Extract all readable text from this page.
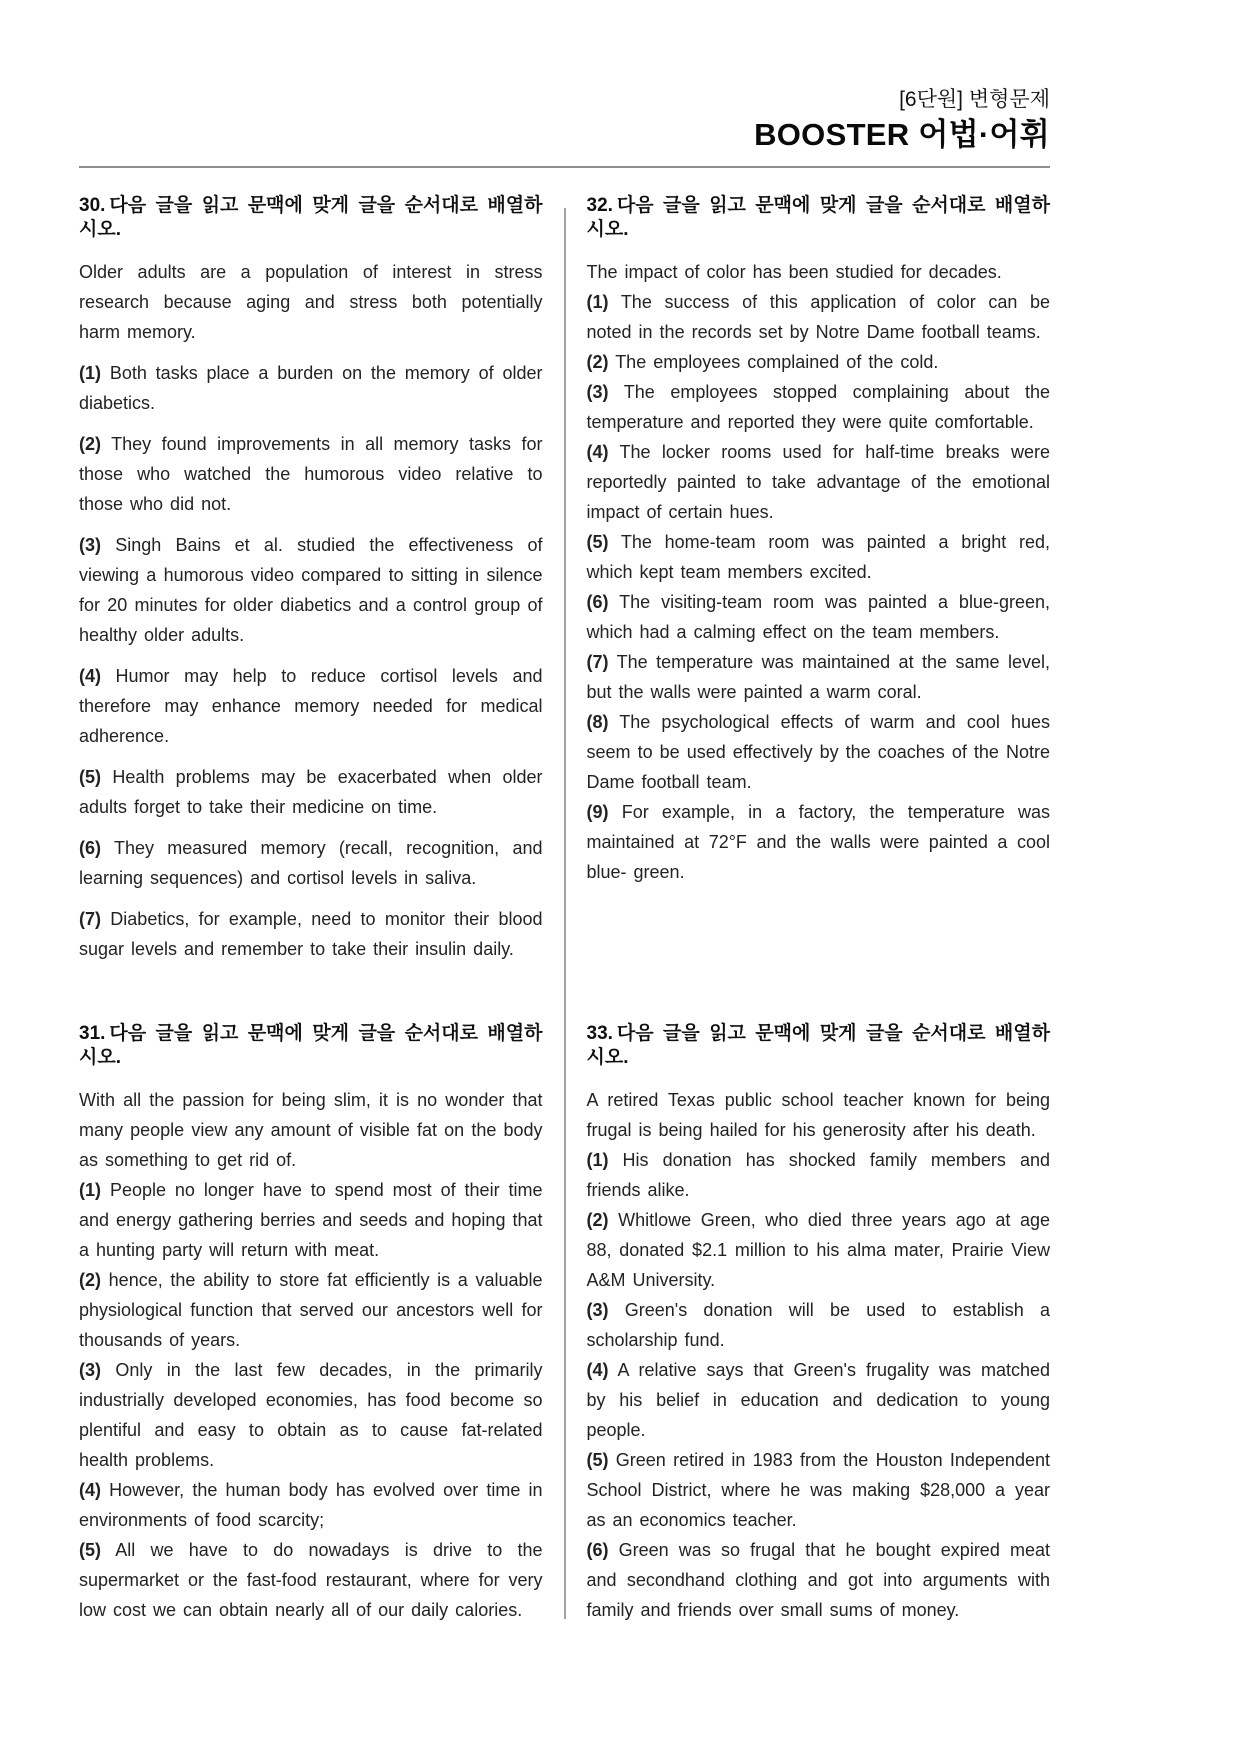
[6단원] 변형문제
BOOSTER 어법·어휘
30. 다음 글을 읽고 문맥에 맞게 글을 순서대로 배열하시오.

Older adults are a population of interest in stress research because aging and stress both potentially harm memory.

(1) Both tasks place a burden on the memory of older diabetics.

(2) They found improvements in all memory tasks for those who watched the humorous video relative to those who did not.

(3) Singh Bains et al. studied the effectiveness of viewing a humorous video compared to sitting in silence for 20 minutes for older diabetics and a control group of healthy older adults.

(4) Humor may help to reduce cortisol levels and therefore may enhance memory needed for medical adherence.

(5) Health problems may be exacerbated when older adults forget to take their medicine on time.

(6) They measured memory (recall, recognition, and learning sequences) and cortisol levels in saliva.

(7) Diabetics, for example, need to monitor their blood sugar levels and remember to take their insulin daily.

32. 다음 글을 읽고 문맥에 맞게 글을 순서대로 배열하시오.

The impact of color has been studied for decades.

(1) The success of this application of color can be noted in the records set by Notre Dame football teams.

(2) The employees complained of the cold.

(3) The employees stopped complaining about the temperature and reported they were quite comfortable.

(4) The locker rooms used for half-time breaks were reportedly painted to take advantage of the emotional impact of certain hues.

(5) The home-team room was painted a bright red, which kept team members excited.

(6) The visiting-team room was painted a blue-green, which had a calming effect on the team members.

(7) The temperature was maintained at the same level, but the walls were painted a warm coral.

(8) The psychological effects of warm and cool hues seem to be used effectively by the coaches of the Notre Dame football team.

(9) For example, in a factory, the temperature was maintained at 72°F and the walls were painted a cool blue- green.

31. 다음 글을 읽고 문맥에 맞게 글을 순서대로 배열하시오.

With all the passion for being slim, it is no wonder that many people view any amount of visible fat on the body as something to get rid of.

(1) People no longer have to spend most of their time and energy gathering berries and seeds and hoping that a hunting party will return with meat.

(2) hence, the ability to store fat efficiently is a valuable physiological function that served our ancestors well for thousands of years.

(3) Only in the last few decades, in the primarily industrially developed economies, has food become so plentiful and easy to obtain as to cause fat-related health problems.

(4) However, the human body has evolved over time in environments of food scarcity;

(5) All we have to do nowadays is drive to the supermarket or the fast-food restaurant, where for very low cost we can obtain nearly all of our daily calories.

33. 다음 글을 읽고 문맥에 맞게 글을 순서대로 배열하시오.

A retired Texas public school teacher known for being frugal is being hailed for his generosity after his death.

(1) His donation has shocked family members and friends alike.

(2) Whitlowe Green, who died three years ago at age 88, donated $2.1 million to his alma mater, Prairie View A&M University.

(3) Green's donation will be used to establish a scholarship fund.

(4) A relative says that Green's frugality was matched by his belief in education and dedication to young people.

(5) Green retired in 1983 from the Houston Independent School District, where he was making $28,000 a year as an economics teacher.

(6) Green was so frugal that he bought expired meat and secondhand clothing and got into arguments with family and friends over small sums of money.
